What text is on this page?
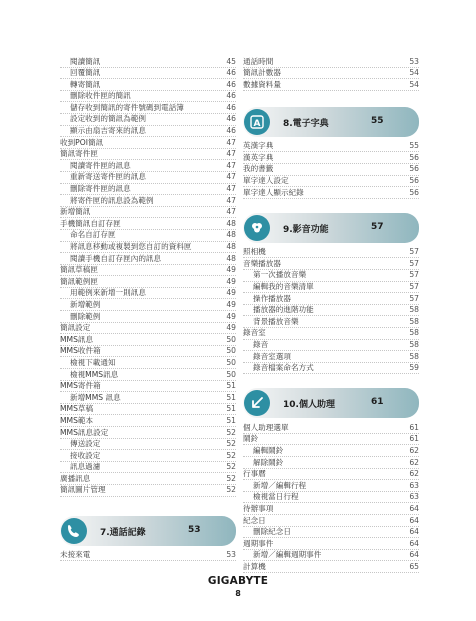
閱讀簡訊	45
回覆簡訊	46
轉寄簡訊	46
刪除收件匣的簡訊	46
儲存收到簡訊的寄件號碼到電話簿	46
設定收到的簡訊為範例	46
顯示由扇吉寄來的訊息	46
收到POI簡訊	47
簡訊寄件匣	47
閱讀寄件匣的訊息	47
重新寄送寄件匣的訊息	47
刪除寄件匣的訊息	47
將寄件匣的訊息設為範例	47
新增簡訊	47
手機簡訊自訂存匣	48
命名自訂存匣	48
將訊息移動或複製到您自訂的資料匣	48
閱讀手機自訂存匣內的訊息	48
簡訊草稿匣	49
簡訊範例匣	49
用範例來新增一則訊息	49
新增範例	49
刪除範例	49
簡訊設定	49
MMS訊息	50
MMS收件箱	50
檢視下載通知	50
檢視MMS訊息	50
MMS寄件箱	51
新增MMS 訊息	51
MMS草稿	51
MMS範本	51
MMS訊息設定	52
傳送設定	52
接收設定	52
訊息過濾	52
廣播訊息	52
簡訊圖片管理	52
7.通話記錄	53
未接來電	53
通話時間	53
簡訊計數器	54
數據資料量	54
A	8.電子字典	55
英漢字典	55
漢英字典	56
我的書籤	56
單字達人設定	56
單字達人顯示紀錄	56
9.影音功能	57
照相機	57
音樂播放器	57
第一次播放音樂	57
編輯我的音樂清單	57
操作播放器	57
播放器的進階功能	58
背景播放音樂	58
錄音室	58
錄音	58
錄音室選項	58
錄音檔案命名方式	59
10.個人助理	61
個人助理選單	61
鬧鈴	61
編輯鬧鈴	62
解除鬧鈴	62
行事曆	62
新增／編輯行程	63
檢視當日行程	63
待辦事項	64
紀念日	64
刪除紀念日	64
週期事件	64
新增／編輯週期事件	64
計算機	65
GIGABYTE
8
